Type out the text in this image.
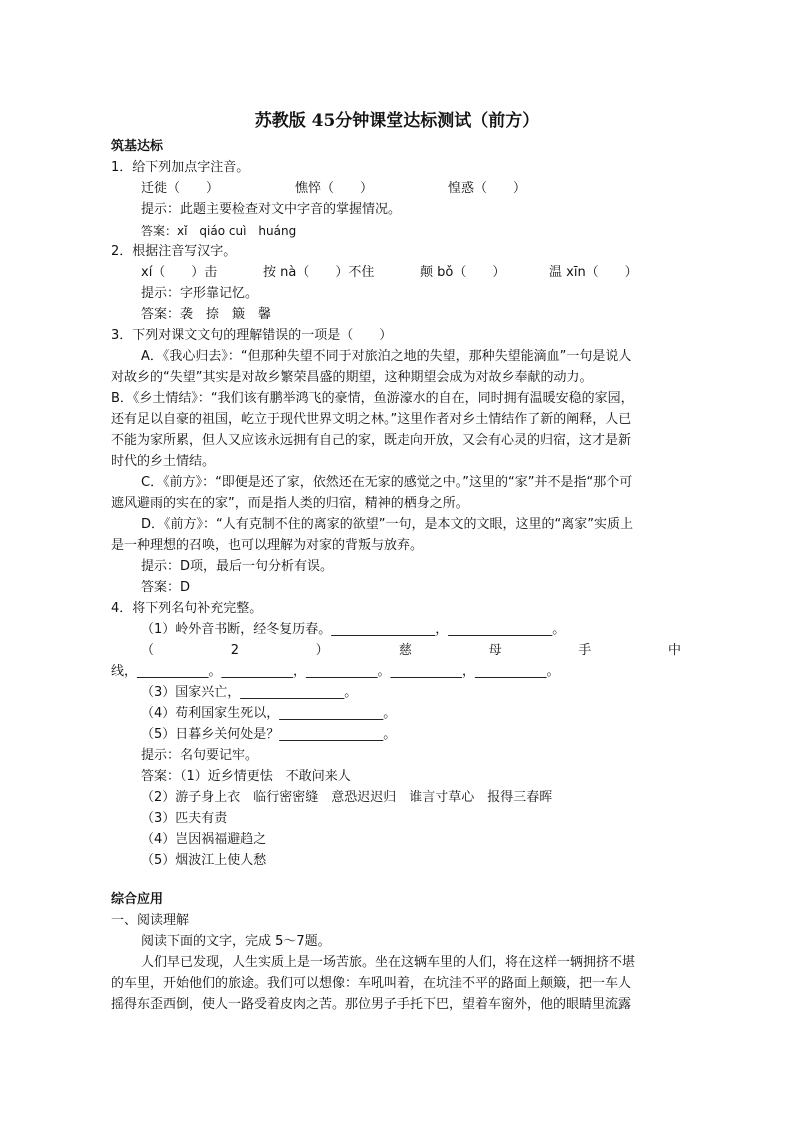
苏教版 45分钟课堂达标测试（前方）
筑基达标
1．给下列加点字注音。
迁徙（　　）	憔悴（　　）	惶惑（　　）
提示：此题主要检查对文中字音的掌握情况。
答案：xǐ　qiáo cuì　huáng
2．根据注音写汉字。
xí（　　）击	按 nà（　　）不住	颠 bǒ（　　）	温 xīn（　　）
提示：字形靠记忆。
答案：袭　捺　簸　馨
3．下列对课文文句的理解错误的一项是（　　）
A．《我心归去》：“但那种失望不同于对旅泊之地的失望，那种失望能滴血”一句是说人
对故乡的“失望”其实是对故乡繁荣昌盛的期望，这种期望会成为对故乡奉献的动力。
B．《乡土情结》：“我们该有鹏举鸿飞的豪情，鱼游濠水的自在，同时拥有温暖安稳的家园，
还有足以自豪的祖国，屹立于现代世界文明之林。”这里作者对乡土情结作了新的阐释，人已
不能为家所累，但人又应该永远拥有自己的家，既走向开放，又会有心灵的归宿，这才是新
时代的乡土情结。
C．《前方》：“即便是还了家，依然还在无家的感觉之中。”这里的“家”并不是指“那个可
遮风避雨的实在的家”，而是指人类的归宿，精神的栖身之所。
D．《前方》：“人有克制不住的离家的欲望”一句，是本文的文眼，这里的“离家”实质上
是一种理想的召唤，也可以理解为对家的背叛与放弃。
提示：D项，最后一句分析有误。
答案：D
4．将下列名句补充完整。
（1）岭外音书断，经冬复历春。________________，________________。
（　　2　　）　　慈　　母　　手　　中
线，___________。___________，___________。___________，___________。
（3）国家兴亡，________________。
（4）苟利国家生死以，________________。
（5）日暮乡关何处是？________________。
提示：名句要记牢。
答案：（1）近乡情更怯　不敢问来人
（2）游子身上衣　临行密密缝　意恐迟迟归　谁言寸草心　报得三春晖
（3）匹夫有责
（4）岂因祸福避趋之
（5）烟波江上使人愁
综合应用
一、阅读理解
阅读下面的文字，完成 5～7题。
人们早已发现，人生实质上是一场苦旅。坐在这辆车里的人们，将在这样一辆拥挤不堪
的车里，开始他们的旅途。我们可以想像：车吼叫着，在坑洼不平的路面上颠簸，把一车人
摇得东歪西倒，使人一路受着皮肉之苦。那位男子手托下巴，望着车窗外，他的眼睛里流露
